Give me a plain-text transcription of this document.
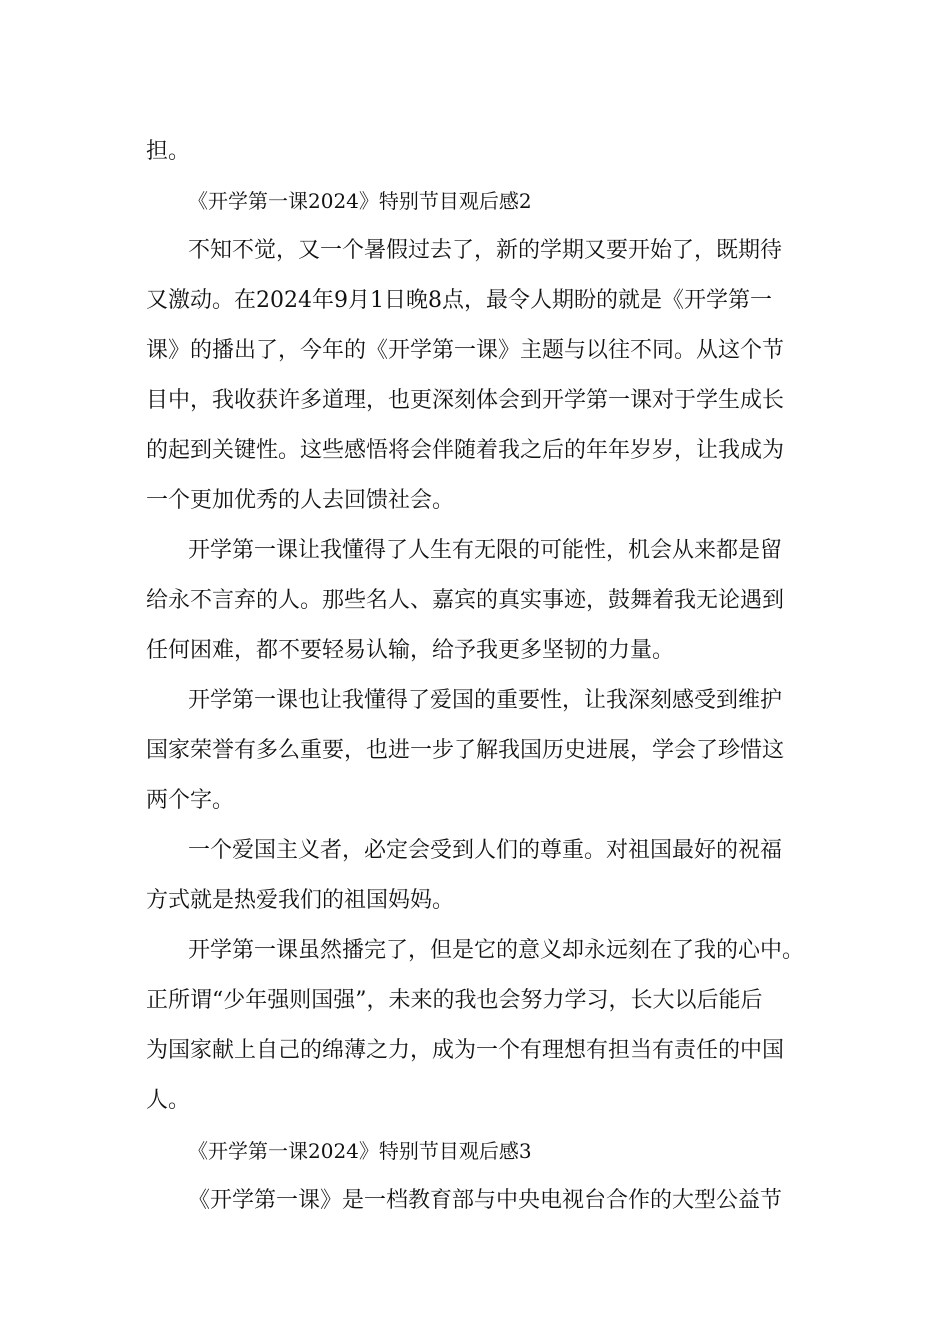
担。
《开学第一课2024》特别节目观后感2
不知不觉，又一个暑假过去了，新的学期又要开始了，既期待
又激动。在2024年9月1日晚8点，最令人期盼的就是《开学第一
课》的播出了，今年的《开学第一课》主题与以往不同。从这个节
目中，我收获许多道理，也更深刻体会到开学第一课对于学生成长
的起到关键性。这些感悟将会伴随着我之后的年年岁岁，让我成为
一个更加优秀的人去回馈社会。
开学第一课让我懂得了人生有无限的可能性，机会从来都是留
给永不言弃的人。那些名人、嘉宾的真实事迹，鼓舞着我无论遇到
任何困难，都不要轻易认输，给予我更多坚韧的力量。
开学第一课也让我懂得了爱国的重要性，让我深刻感受到维护
国家荣誉有多么重要，也进一步了解我国历史进展，学会了珍惜这
两个字。
一个爱国主义者，必定会受到人们的尊重。对祖国最好的祝福
方式就是热爱我们的祖国妈妈。
开学第一课虽然播完了，但是它的意义却永远刻在了我的心中。
正所谓“少年强则国强”，未来的我也会努力学习，长大以后能后
为国家献上自己的绵薄之力，成为一个有理想有担当有责任的中国
人。
《开学第一课2024》特别节目观后感3
《开学第一课》是一档教育部与中央电视台合作的大型公益节
